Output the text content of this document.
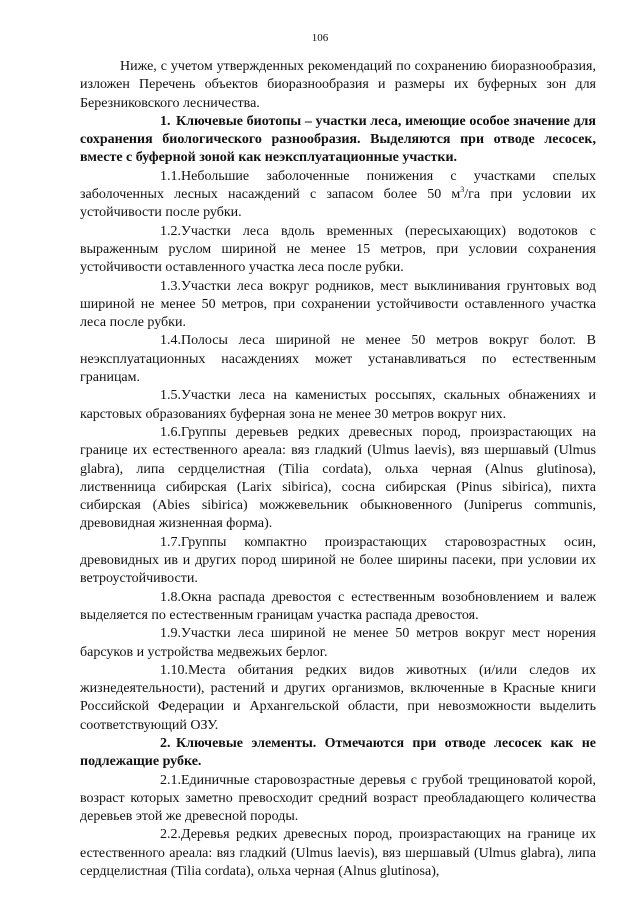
106

Ниже, с учетом утвержденных рекомендаций по сохранению биоразнообразия, изложен Перечень объектов биоразнообразия и размеры их буферных зон для Березниковского лесничества.

1. Ключевые биотопы – участки леса, имеющие особое значение для сохранения биологического разнообразия. Выделяются при отводе лесосек, вместе с буферной зоной как неэксплуатационные участки.

1.1.Небольшие заболоченные понижения с участками спелых заболоченных лесных насаждений с запасом более 50 $м^3/га$ при условии их устойчивости после рубки.

1.2.Участки леса вдоль временных (пересыхающих) водотоков с выраженным руслом шириной не менее 15 метров, при условии сохранения устойчивости оставленного участка леса после рубки.

1.3.Участки леса вокруг родников, мест выклинивания грунтовых вод шириной не менее 50 метров, при сохранении устойчивости оставленного участка леса после рубки.

1.4.Полосы леса шириной не менее 50 метров вокруг болот. В неэксплуатационных насаждениях может устанавливаться по естественным границам.

1.5.Участки леса на каменистых россыпях, скальных обнажениях и карстовых образованиях буферная зона не менее 30 метров вокруг них.

1.6.Группы деревьев редких древесных пород, произрастающих на границе их естественного ареала: вяз гладкий (Ulmus laevis), вяз шершавый (Ulmus glabra), липа сердцелистная (Tilia cordata), ольха черная (Alnus glutinosa), лиственница сибирская (Larix sibirica), сосна сибирская (Pinus sibirica), пихта сибирская (Abies sibirica) можжевельник обыкновенного (Juniperus communis, древовидная жизненная форма).

1.7.Группы компактно произрастающих старовозрастных осин, древовидных ив и других пород шириной не более ширины пасеки, при условии их ветроустойчивости.

1.8.Окна распада древостоя с естественным возобновлением и валеж выделяется по естественным границам участка распада древостоя.

1.9.Участки леса шириной не менее 50 метров вокруг мест норения барсуков и устройства медвежьих берлог.

1.10.Места обитания редких видов животных (и/или следов их жизнедеятельности), растений и других организмов, включенные в Красные книги Российской Федерации и Архангельской области, при невозможности выделить соответствующий ОЗУ.

2. Ключевые элементы. Отмечаются при отводе лесосек как не подлежащие рубке.

2.1.Единичные старовозрастные деревья с грубой трещиноватой корой, возраст которых заметно превосходит средний возраст преобладающего количества деревьев этой же древесной породы.

2.2.Деревья редких древесных пород, произрастающих на границе их естественного ареала: вяз гладкий (Ulmus laevis), вяз шершавый (Ulmus glabra), липа сердцелистная (Tilia cordata), ольха черная (Alnus glutinosa),
